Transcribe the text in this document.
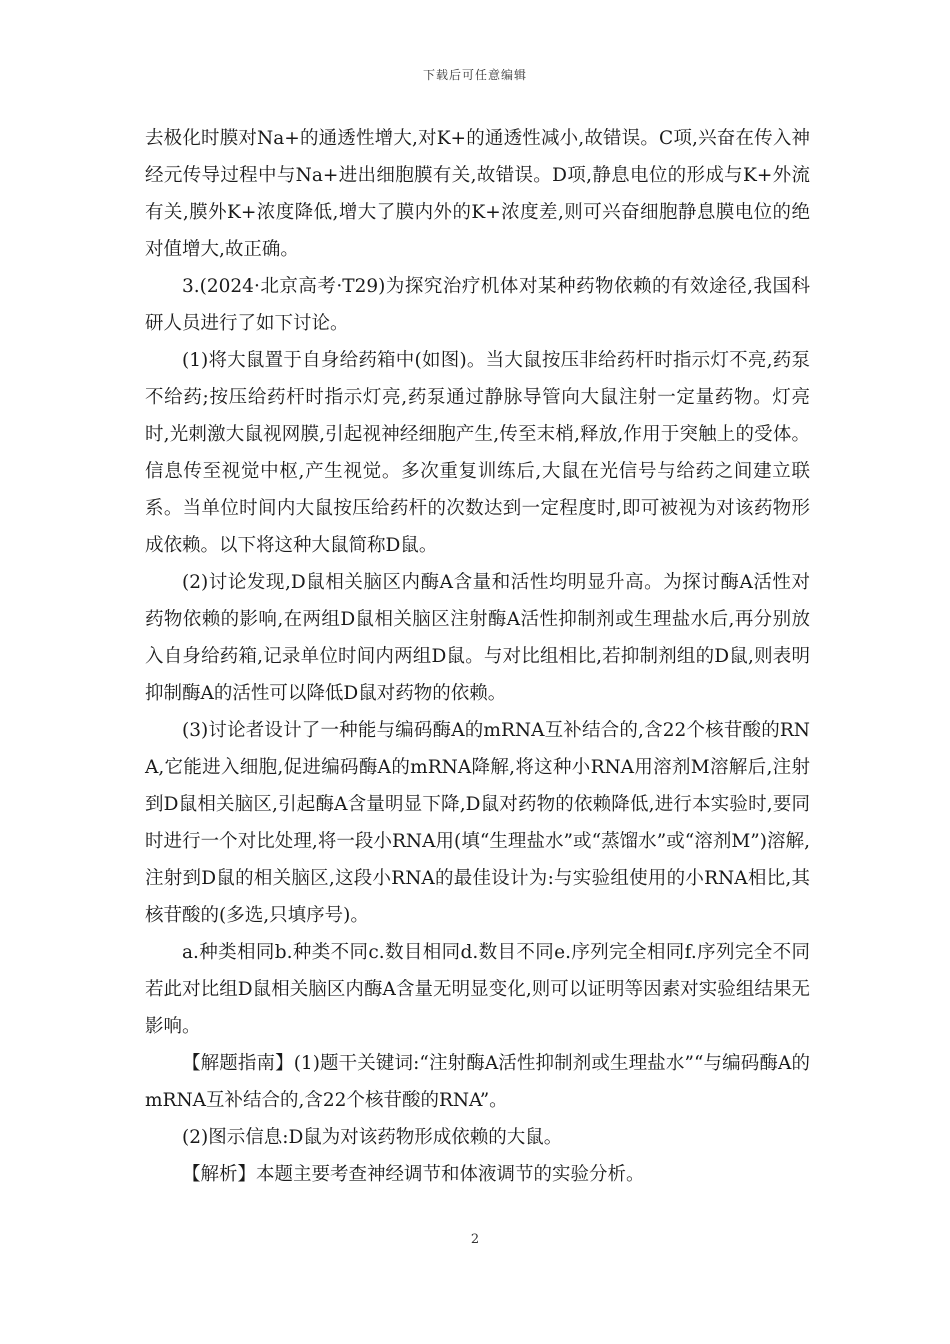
下载后可任意编辑

去极化时膜对Na+的通透性增大,对K+的通透性减小,故错误。C项,兴奋在传入神经元传导过程中与Na+进出细胞膜有关,故错误。D项,静息电位的形成与K+外流有关,膜外K+浓度降低,增大了膜内外的K+浓度差,则可兴奋细胞静息膜电位的绝对值增大,故正确。

3.(2024·北京高考·T29)为探究治疗机体对某种药物依赖的有效途径,我国科研人员进行了如下讨论。

(1)将大鼠置于自身给药箱中(如图)。当大鼠按压非给药杆时指示灯不亮,药泵不给药;按压给药杆时指示灯亮,药泵通过静脉导管向大鼠注射一定量药物。灯亮时,光刺激大鼠视网膜,引起视神经细胞产生,传至末梢,释放,作用于突触上的受体。信息传至视觉中枢,产生视觉。多次重复训练后,大鼠在光信号与给药之间建立联系。当单位时间内大鼠按压给药杆的次数达到一定程度时,即可被视为对该药物形成依赖。以下将这种大鼠简称D鼠。

(2)讨论发现,D鼠相关脑区内酶A含量和活性均明显升高。为探讨酶A活性对药物依赖的影响,在两组D鼠相关脑区注射酶A活性抑制剂或生理盐水后,再分别放入自身给药箱,记录单位时间内两组D鼠。与对比组相比,若抑制剂组的D鼠,则表明抑制酶A的活性可以降低D鼠对药物的依赖。

(3)讨论者设计了一种能与编码酶A的mRNA互补结合的,含22个核苷酸的RNA,它能进入细胞,促进编码酶A的mRNA降解,将这种小RNA用溶剂M溶解后,注射到D鼠相关脑区,引起酶A含量明显下降,D鼠对药物的依赖降低,进行本实验时,要同时进行一个对比处理,将一段小RNA用(填“生理盐水”或“蒸馏水”或“溶剂M”)溶解,注射到D鼠的相关脑区,这段小RNA的最佳设计为:与实验组使用的小RNA相比,其核苷酸的(多选,只填序号)。

a.种类相同b.种类不同c.数目相同d.数目不同e.序列完全相同f.序列完全不同若此对比组D鼠相关脑区内酶A含量无明显变化,则可以证明等因素对实验组结果无影响。

【解题指南】(1)题干关键词:“注射酶A活性抑制剂或生理盐水”“与编码酶A的mRNA互补结合的,含22个核苷酸的RNA”。

(2)图示信息:D鼠为对该药物形成依赖的大鼠。

【解析】本题主要考查神经调节和体液调节的实验分析。

2
